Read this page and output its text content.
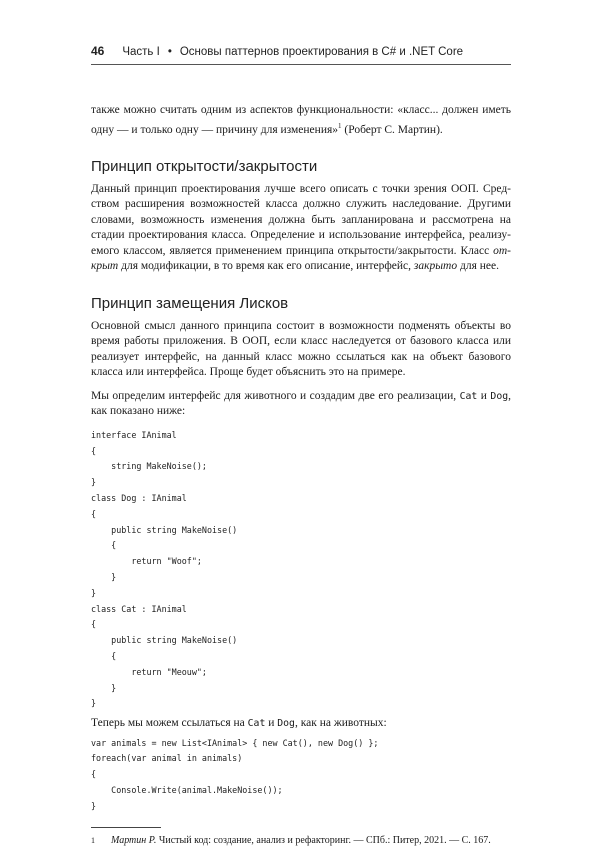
46 Часть I • Основы паттернов проектирования в C# и .NET Core

также можно считать одним из аспектов функциональности: «класс... должен иметь одну — и только одну — причину для изменения»$^1$ (Роберт С. Мартин).

Принцип открытости/закрытости

Данный принцип проектирования лучше всего описать с точки зрения ООП. Сред- ством расширения возможностей класса должно служить наследование. Другими словами, возможность изменения должна быть запланирована и рассмотрена на стадии проектирования класса. Определение и использование интерфейса, реализу- емого классом, является применением принципа открытости/закрытости. Класс от-крыт для модификации, в то время как его описание, интерфейс, закрыто для нее.

Принцип замещения Лисков

Основной смысл данного принципа состоит в возможности подменять объекты во время работы приложения. В ООП, если класс наследуется от базового класса или реализует интерфейс, на данный класс можно ссылаться как на объект базового класса или интерфейса. Проще будет объяснить это на примере.

Мы определим интерфейс для животного и создадим две его реализации, Cat и Dog, как показано ниже:

interface IAnimal
{
string MakeNoise();
}
class Dog : IAnimal
{
public string MakeNoise()
{
return "Woof";
}
}
class Cat : IAnimal
{
public string MakeNoise()
{
return "Meouw";
}
}

Теперь мы можем ссылаться на Cat и Dog, как на животных:

var animals = new List<IAnimal> { new Cat(), new Dog() };
foreach(var animal in animals)
{
Console.Write(animal.MakeNoise());
}

1	Мартин Р. Чистый код: создание, анализ и рефакторинг. — СПб.: Питер, 2021. — С. 167.
